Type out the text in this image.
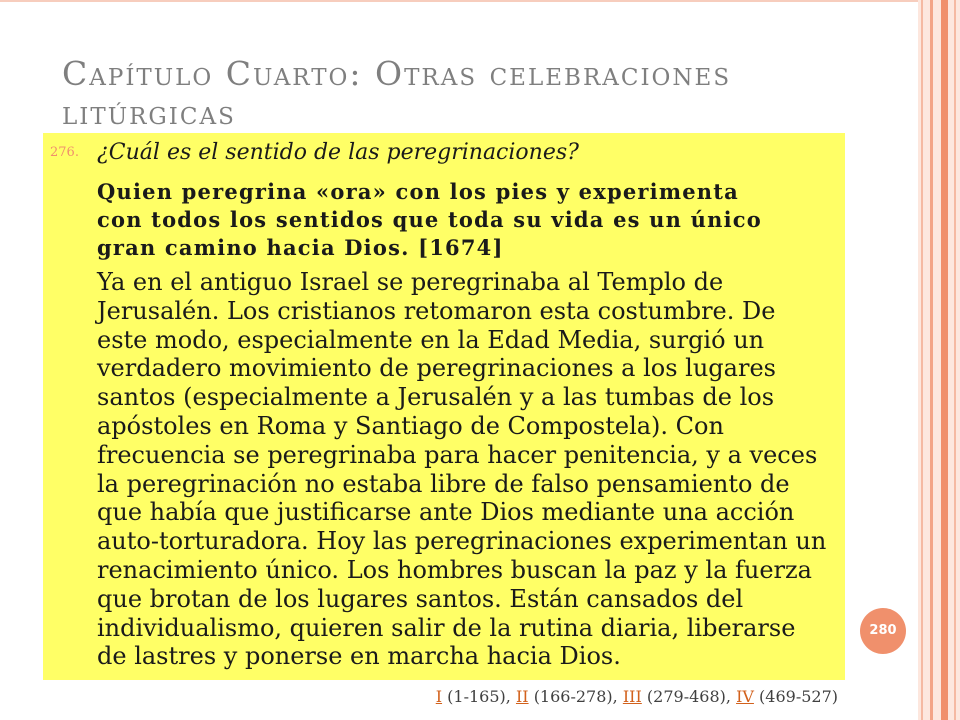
Capítulo Cuarto: Otras celebraciones
litúrgicas
276. ¿Cuál es el sentido de las peregrinaciones?
Quien peregrina «ora» con los pies y experimenta
con todos los sentidos que toda su vida es un único
gran camino hacia Dios. [1674]
Ya en el antiguo Israel se peregrinaba al Templo de
Jerusalén. Los cristianos retomaron esta costumbre. De
este modo, especialmente en la Edad Media, surgió un
verdadero movimiento de peregrinaciones a los lugares
santos (especialmente a Jerusalén y a las tumbas de los
apóstoles en Roma y Santiago de Compostela). Con
frecuencia se peregrinaba para hacer penitencia, y a veces
la peregrinación no estaba libre de falso pensamiento de
que había que justificarse ante Dios mediante una acción
auto-torturadora. Hoy las peregrinaciones experimentan un
renacimiento único. Los hombres buscan la paz y la fuerza
que brotan de los lugares santos. Están cansados del
individualismo, quieren salir de la rutina diaria, liberarse
de lastres y ponerse en marcha hacia Dios.
280
I (1-165), II (166-278), III (279-468), IV (469-527)
